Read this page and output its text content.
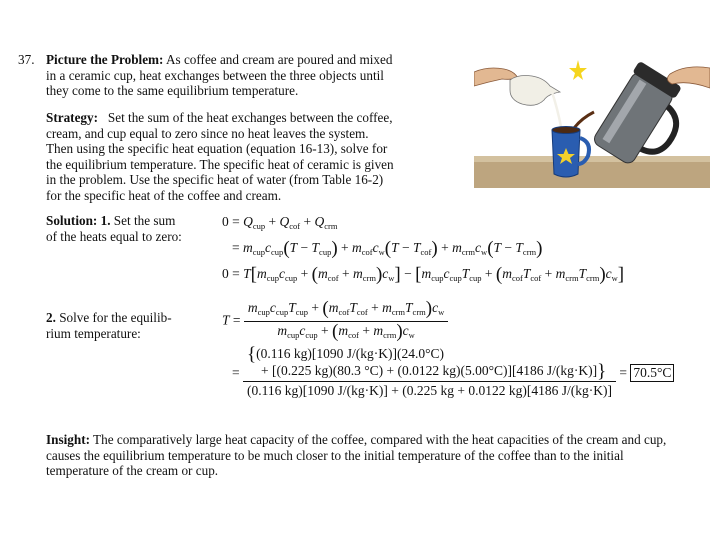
37. Picture the Problem: As coffee and cream are poured and mixed
in a ceramic cup, heat exchanges between the three objects until
they come to the same equilibrium temperature.
Strategy: Set the sum of the heat exchanges between the coffee,
cream, and cup equal to zero since no heat leaves the system.
Then using the specific heat equation (equation 16-13), solve for
the equilibrium temperature. The specific heat of ceramic is given
in the problem. Use the specific heat of water (from Table 16-2)
for the specific heat of the coffee and cream.
Solution: 1. Set the sum
of the heats equal to zero:
$0 = Q_{cup} + Q_{cof} + Q_{crm}$
= $m_{cup}c_{cup}(T - T_{cup}) + m_{cof}c_w(T - T_{cof}) + m_{crm}c_w(T - T_{crm})$
$0 = T[m_{cup}c_{cup} + (m_{cof} + m_{crm})c_w] - [m_{cup}c_{cup}T_{cup} + (m_{cof}T_{cof} + m_{crm}T_{crm})c_w]$
2. Solve for the equilib-
rium temperature:
$T = \frac{m_{cup}c_{cup}T_{cup} + (m_{cof}T_{cof} + m_{crm}T_{crm})c_w}{m_{cup}c_{cup} + (m_{cof} + m_{crm})c_w}$
=
{(0.116 kg)[1090 J/(kg·K)](24.0°C)
+ [(0.225 kg)(80.3 °C) + (0.0122 kg)(5.00°C)][4186 J/(kg·K)]}
(0.116 kg)[1090 J/(kg·K)] + (0.225 kg + 0.0122 kg)[4186 J/(kg·K)]
= 70.5°C
Insight: The comparatively large heat capacity of the coffee, compared with the heat capacities of the cream and cup,
causes the equilibrium temperature to be much closer to the initial temperature of the coffee than to the initial
temperature of the cream or cup.
